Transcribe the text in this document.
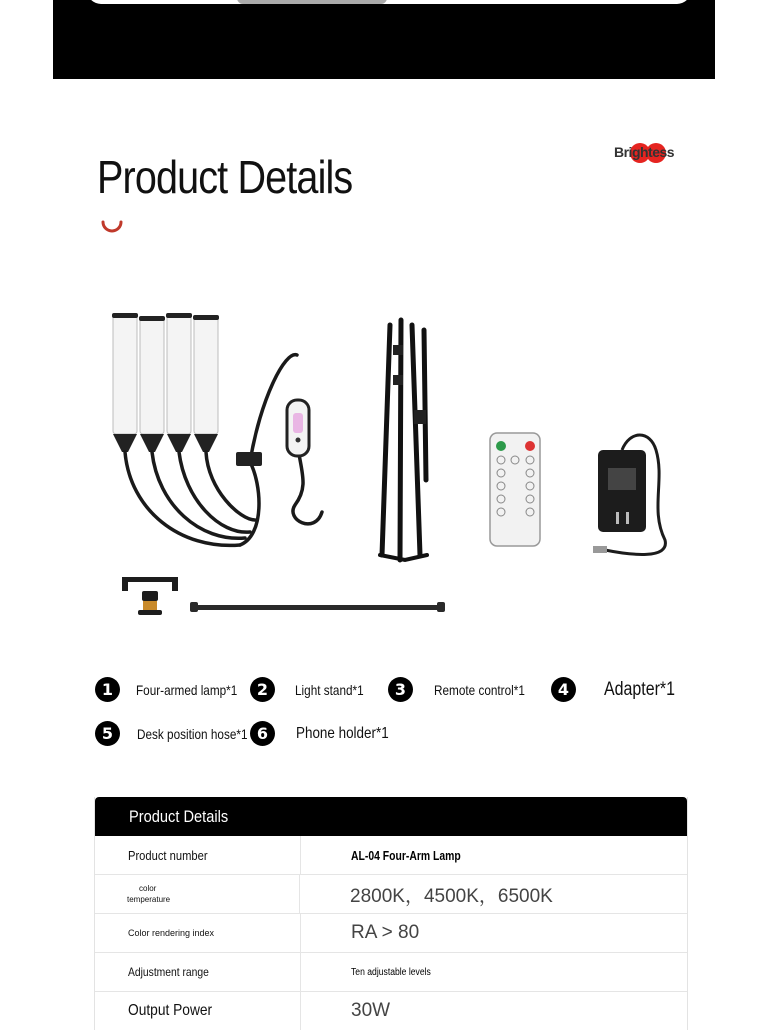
Product Details	Brightess
1	Four-armed lamp*1	2	Light stand*1	3	Remote control*1	4	Adapter*1
5	Desk position hose*1 6	Phone holder*1
Product Details
Product number	AL-04 Four-Arm Lamp
color
temperature	2800K，4500K，6500K
Color rendering index	RA > 80
Adjustment range	Ten adjustable levels
Output Power	30W
